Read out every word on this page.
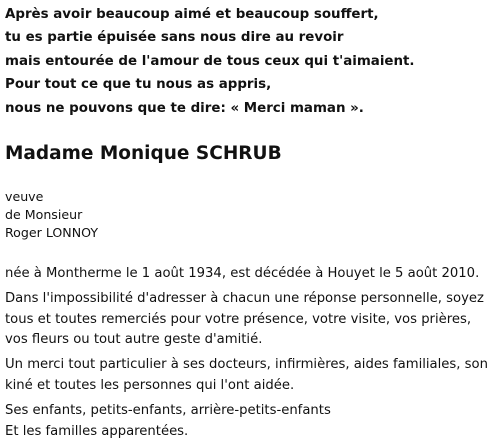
Après avoir beaucoup aimé et beaucoup souffert,
tu es partie épuisée sans nous dire au revoir
mais entourée de l'amour de tous ceux qui t'aimaient.
Pour tout ce que tu nous as appris,
nous ne pouvons que te dire: « Merci maman ».
Madame Monique SCHRUB
veuve
de Monsieur
Roger LONNOY
née à Montherme le 1 août 1934, est décédée à Houyet le 5 août 2010.
Dans l'impossibilité d'adresser à chacun une réponse personnelle, soyez
tous et toutes remerciés pour votre présence, votre visite, vos prières,
vos fleurs ou tout autre geste d'amitié.
Un merci tout particulier à ses docteurs, infirmières, aides familiales, son
kiné et toutes les personnes qui l'ont aidée.
Ses enfants, petits-enfants, arrière-petits-enfants
Et les familles apparentées.
